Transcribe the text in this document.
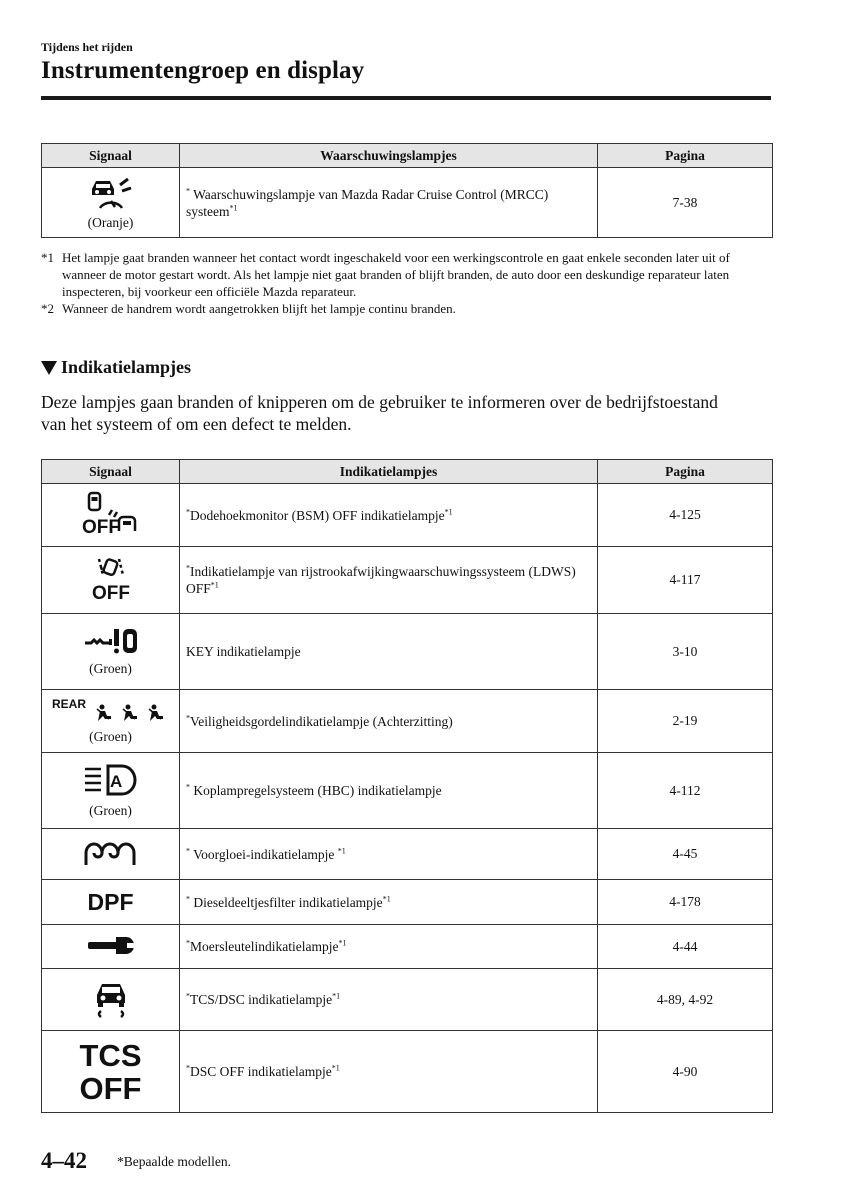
Tijdens het rijden
Instrumentengroep en display
Signaal	Waarschuwingslampjes	Pagina

(Oranje)	* Waarschuwingslampje van Mazda Radar Cruise Control (MRCC) systeem$^{*1}$	7-38
*1 Het lampje gaat branden wanneer het contact wordt ingeschakeld voor een werkingscontrole en gaat enkele seconden later uit of wanneer de motor gestart wordt. Als het lampje niet gaat branden of blijft branden, de auto door een deskundige reparateur laten inspecteren, bij voorkeur een officiële Mazda reparateur.
*2 Wanneer de handrem wordt aangetrokken blijft het lampje continu branden.
Indikatielampjes
Deze lampjes gaan branden of knipperen om de gebruiker te informeren over de bedrijfstoestand van het systeem of om een defect te melden.
Signaal	Indikatielampjes	Pagina

OFF	*Dodehoekmonitor (BSM) OFF indikatielampje$^{*1}$	4-125

OFF	*Indikatielampje van rijstrookafwijkingwaarschuwingssysteem (LDWS) OFF$^{*1}$	4-117

(Groen)	KEY indikatielampje	3-10

REAR
(Groen)	*Veiligheidsgordelindikatielampje (Achterzitting)	2-19

A
(Groen)	* Koplampregelsysteem (HBC) indikatielampje	4-112

	* Voorgloei-indikatielampje $^{*1}$	4-45

DPF	* Dieseldeeltjesfilter indikatielampje$^{*1}$	4-178

	*Moersleutelindikatielampje$^{*1}$	4-44

	*TCS/DSC indikatielampje$^{*1}$	4-89, 4-92

TCS
OFF	*DSC OFF indikatielampje$^{*1}$	4-90
4–42 *Bepaalde modellen.
